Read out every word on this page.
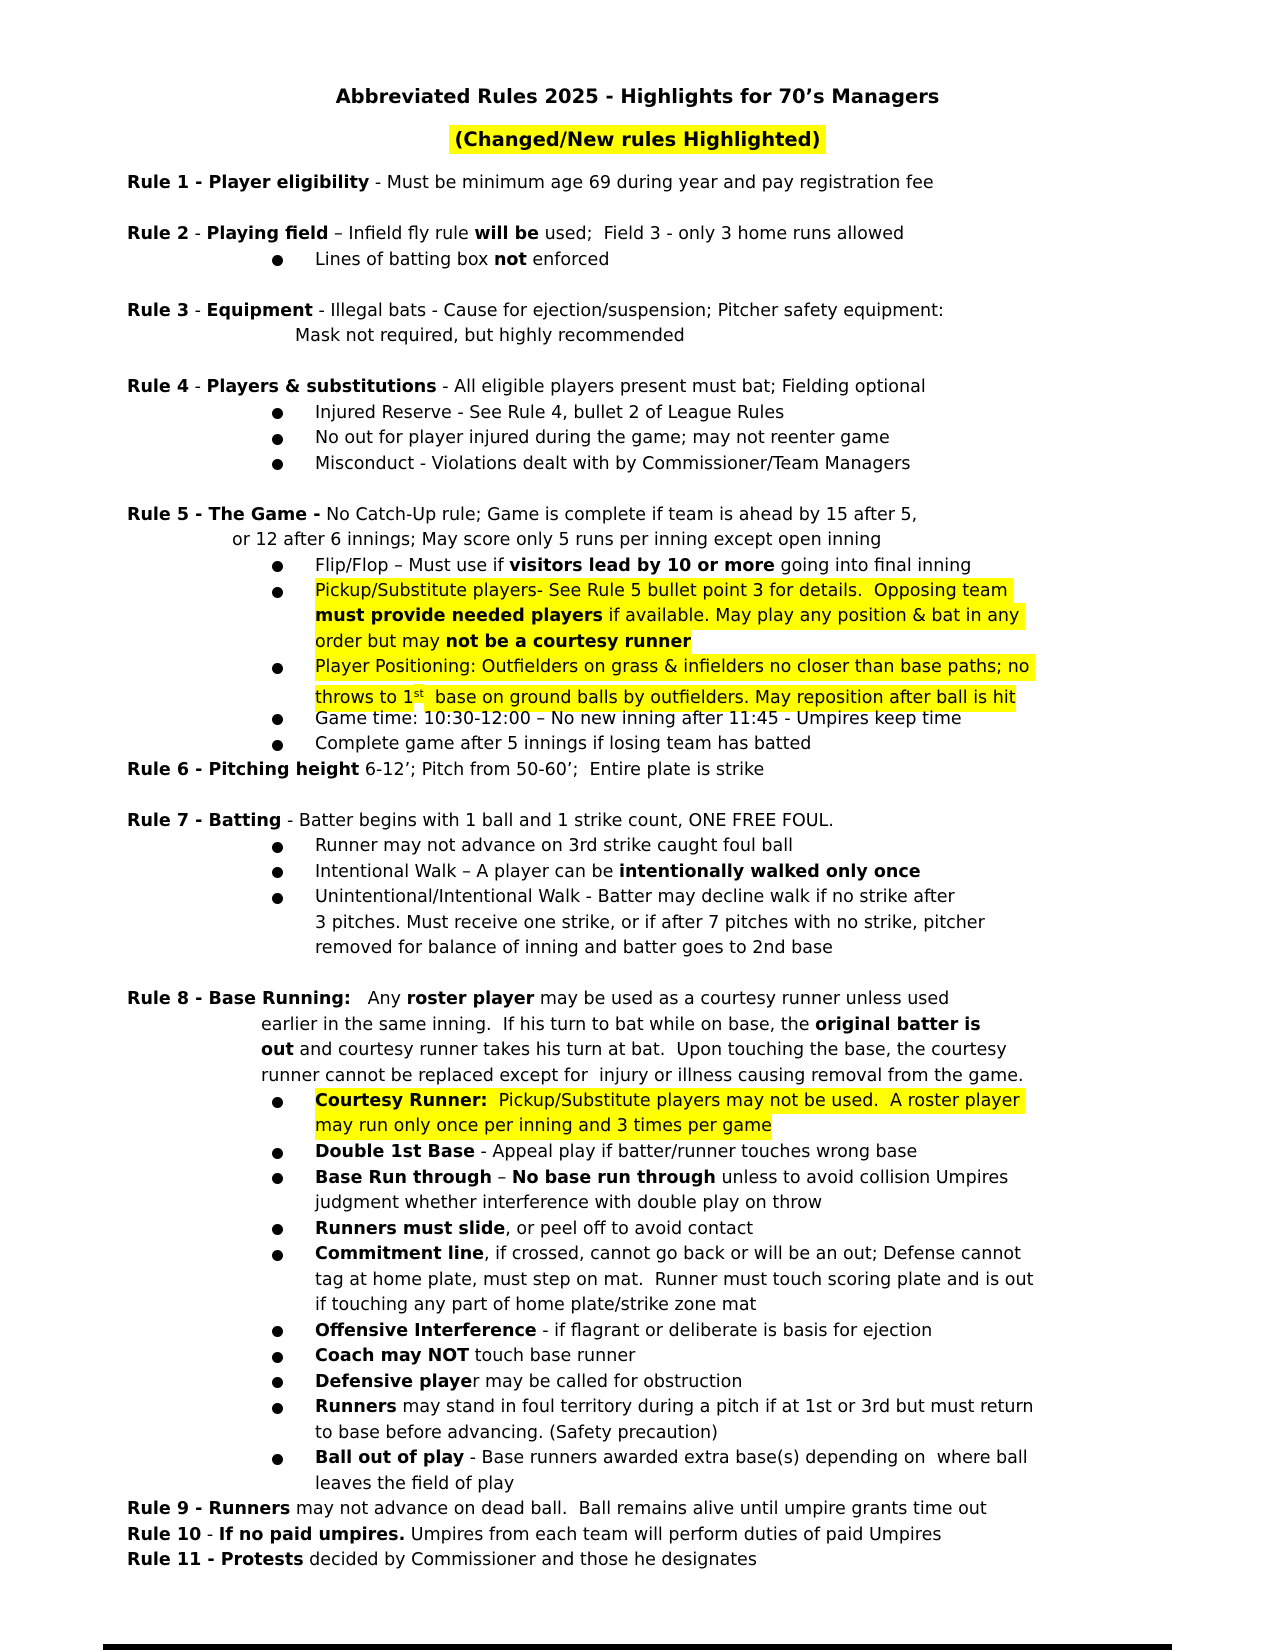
Abbreviated Rules 2025 - Highlights for 70’s Managers
(Changed/New rules Highlighted)
Rule 1 - Player eligibility - Must be minimum age 69 during year and pay registration fee
Rule 2 - Playing field – Infield fly rule will be used;  Field 3 - only 3 home runs allowed
Lines of batting box not enforced
Rule 3 - Equipment - Illegal bats - Cause for ejection/suspension; Pitcher safety equipment:
Mask not required, but highly recommended
Rule 4 - Players & substitutions - All eligible players present must bat; Fielding optional
Injured Reserve - See Rule 4, bullet 2 of League Rules
No out for player injured during the game; may not reenter game
Misconduct - Violations dealt with by Commissioner/Team Managers
Rule 5 - The Game - No Catch-Up rule; Game is complete if team is ahead by 15 after 5,
or 12 after 6 innings; May score only 5 runs per inning except open inning
Flip/Flop – Must use if visitors lead by 10 or more going into final inning
Pickup/Substitute players- See Rule 5 bullet point 3 for details.  Opposing team
must provide needed players if available. May play any position & bat in any
order but may not be a courtesy runner
Player Positioning: Outfielders on grass & infielders no closer than base paths; no
throws to 1st  base on ground balls by outfielders. May reposition after ball is hit
Game time: 10:30-12:00 – No new inning after 11:45 - Umpires keep time
Complete game after 5 innings if losing team has batted
Rule 6 - Pitching height 6-12’; Pitch from 50-60’;  Entire plate is strike
Rule 7 - Batting - Batter begins with 1 ball and 1 strike count, ONE FREE FOUL.
Runner may not advance on 3rd strike caught foul ball
Intentional Walk – A player can be intentionally walked only once
Unintentional/Intentional Walk - Batter may decline walk if no strike after
3 pitches. Must receive one strike, or if after 7 pitches with no strike, pitcher
removed for balance of inning and batter goes to 2nd base
Rule 8 - Base Running:   Any roster player may be used as a courtesy runner unless used
earlier in the same inning.  If his turn to bat while on base, the original batter is
out and courtesy runner takes his turn at bat.  Upon touching the base, the courtesy
runner cannot be replaced except for  injury or illness causing removal from the game.
Courtesy Runner:  Pickup/Substitute players may not be used.  A roster player
may run only once per inning and 3 times per game
Double 1st Base - Appeal play if batter/runner touches wrong base
Base Run through – No base run through unless to avoid collision Umpires
judgment whether interference with double play on throw
Runners must slide, or peel off to avoid contact
Commitment line, if crossed, cannot go back or will be an out; Defense cannot
tag at home plate, must step on mat.  Runner must touch scoring plate and is out
if touching any part of home plate/strike zone mat
Offensive Interference - if flagrant or deliberate is basis for ejection
Coach may NOT touch base runner
Defensive player may be called for obstruction
Runners may stand in foul territory during a pitch if at 1st or 3rd but must return
to base before advancing. (Safety precaution)
Ball out of play - Base runners awarded extra base(s) depending on  where ball
leaves the field of play
Rule 9 - Runners may not advance on dead ball.  Ball remains alive until umpire grants time out
Rule 10 - If no paid umpires. Umpires from each team will perform duties of paid Umpires
Rule 11 - Protests decided by Commissioner and those he designates
